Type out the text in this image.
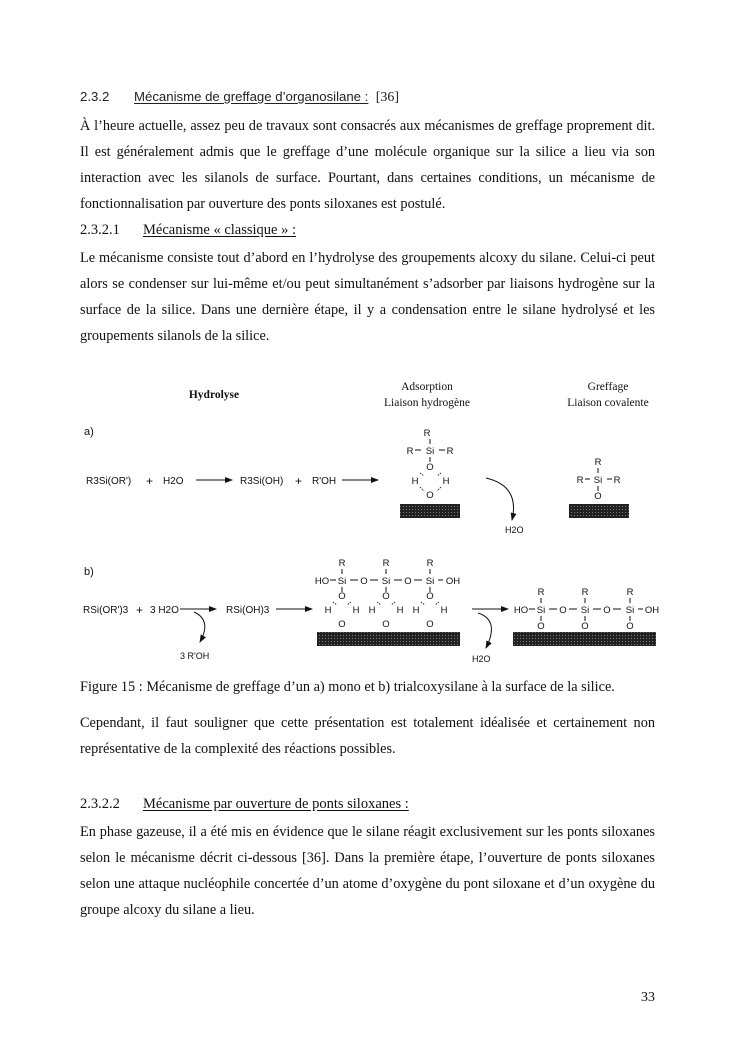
2.3.2 Mécanisme de greffage d’organosilane : [36]

À l’heure actuelle, assez peu de travaux sont consacrés aux mécanismes de greffage proprement dit. Il est généralement admis que le greffage d’une molécule organique sur la silice a lieu via son interaction avec les silanols de surface. Pourtant, dans certaines conditions, un mécanisme de fonctionnalisation par ouverture des ponts siloxanes est postulé.

2.3.2.1 Mécanisme « classique » :

Le mécanisme consiste tout d’abord en l’hydrolyse des groupements alcoxy du silane. Celui-ci peut alors se condenser sur lui-même et/ou peut simultanément s’adsorber par liaisons hydrogène sur la surface de la silice. Dans une dernière étape, il y a condensation entre le silane hydrolysé et les groupements silanols de la silice.

Hydrolyse
Adsorption
Liaison hydrogène
Greffage
Liaison covalente
a)
R3Si(OR') + H2O	R3Si(OH) + R'OH
R
R Si R
O
H	H
O
H2O
R
R Si R
O
b)
RSi(OR')3 + 3 H2O
3 R'OH
RSi(OH)3
R	R	R
HO Si O Si O Si OH
O	O	O
H H H H H H
O	O	O
H2O
R	R	R
HO Si O Si O Si OH
O	O	O
Figure 15 : Mécanisme de greffage d’un a) mono et b) trialcoxysilane à la surface de la silice.

Cependant, il faut souligner que cette présentation est totalement idéalisée et certainement non représentative de la complexité des réactions possibles.

2.3.2.2 Mécanisme par ouverture de ponts siloxanes :

En phase gazeuse, il a été mis en évidence que le silane réagit exclusivement sur les ponts siloxanes selon le mécanisme décrit ci-dessous [36]. Dans la première étape, l’ouverture de ponts siloxanes selon une attaque nucléophile concertée d’un atome d’oxygène du pont siloxane et d’un oxygène du groupe alcoxy du silane a lieu.

33
